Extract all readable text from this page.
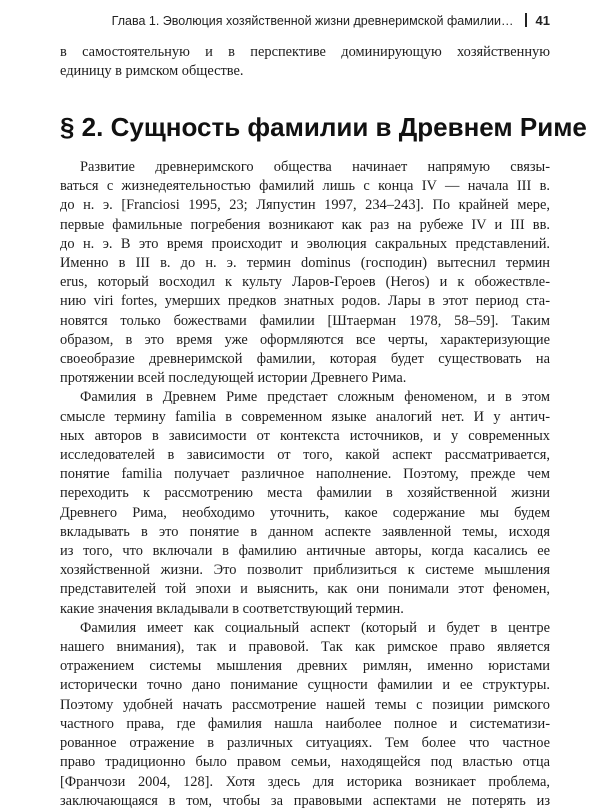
Глава 1. Эволюция хозяйственной жизни древнеримской фамилии… 41
в самостоятельную и в перспективе доминирующую хозяйственную
единицу в римском обществе.
§ 2. Сущность фамилии в Древнем Риме
Развитие древнеримского общества начинает напрямую связы-
ваться с жизнедеятельностью фамилий лишь с конца IV — начала III в.
до н. э. [Franciosi 1995, 23; Ляпустин 1997, 234–243]. По крайней мере,
первые фамильные погребения возникают как раз на рубеже IV и III вв.
до н. э. В это время происходит и эволюция сакральных представлений.
Именно в III в. до н. э. термин dominus (господин) вытеснил термин
erus, который восходил к культу Ларов-Героев (Heros) и к обожествле-
нию viri fortes, умерших предков знатных родов. Лары в этот период ста-
новятся только божествами фамилии [Штаерман 1978, 58–59]. Таким
образом, в это время уже оформляются все черты, характеризующие
своеобразие древнеримской фамилии, которая будет существовать на
протяжении всей последующей истории Древнего Рима.
Фамилия в Древнем Риме предстает сложным феноменом, и в этом
смысле термину familia в современном языке аналогий нет. И у антич-
ных авторов в зависимости от контекста источников, и у современных
исследователей в зависимости от того, какой аспект рассматривается,
понятие familia получает различное наполнение. Поэтому, прежде чем
переходить к рассмотрению места фамилии в хозяйственной жизни
Древнего Рима, необходимо уточнить, какое содержание мы будем
вкладывать в это понятие в данном аспекте заявленной темы, исходя
из того, что включали в фамилию античные авторы, когда касались ее
хозяйственной жизни. Это позволит приблизиться к системе мышления
представителей той эпохи и выяснить, как они понимали этот феномен,
какие значения вкладывали в соответствующий термин.
Фамилия имеет как социальный аспект (который и будет в центре
нашего внимания), так и правовой. Так как римское право является
отражением системы мышления древних римлян, именно юристами
исторически точно дано понимание сущности фамилии и ее структуры.
Поэтому удобней начать рассмотрение нашей темы с позиции римского
частного права, где фамилия нашла наиболее полное и систематизи-
рованное отражение в различных ситуациях. Тем более что частное
право традиционно было правом семьи, находящейся под властью отца
[Франчози 2004, 128]. Хотя здесь для историка возникает проблема,
заключающаяся в том, чтобы за правовыми аспектами не потерять из
